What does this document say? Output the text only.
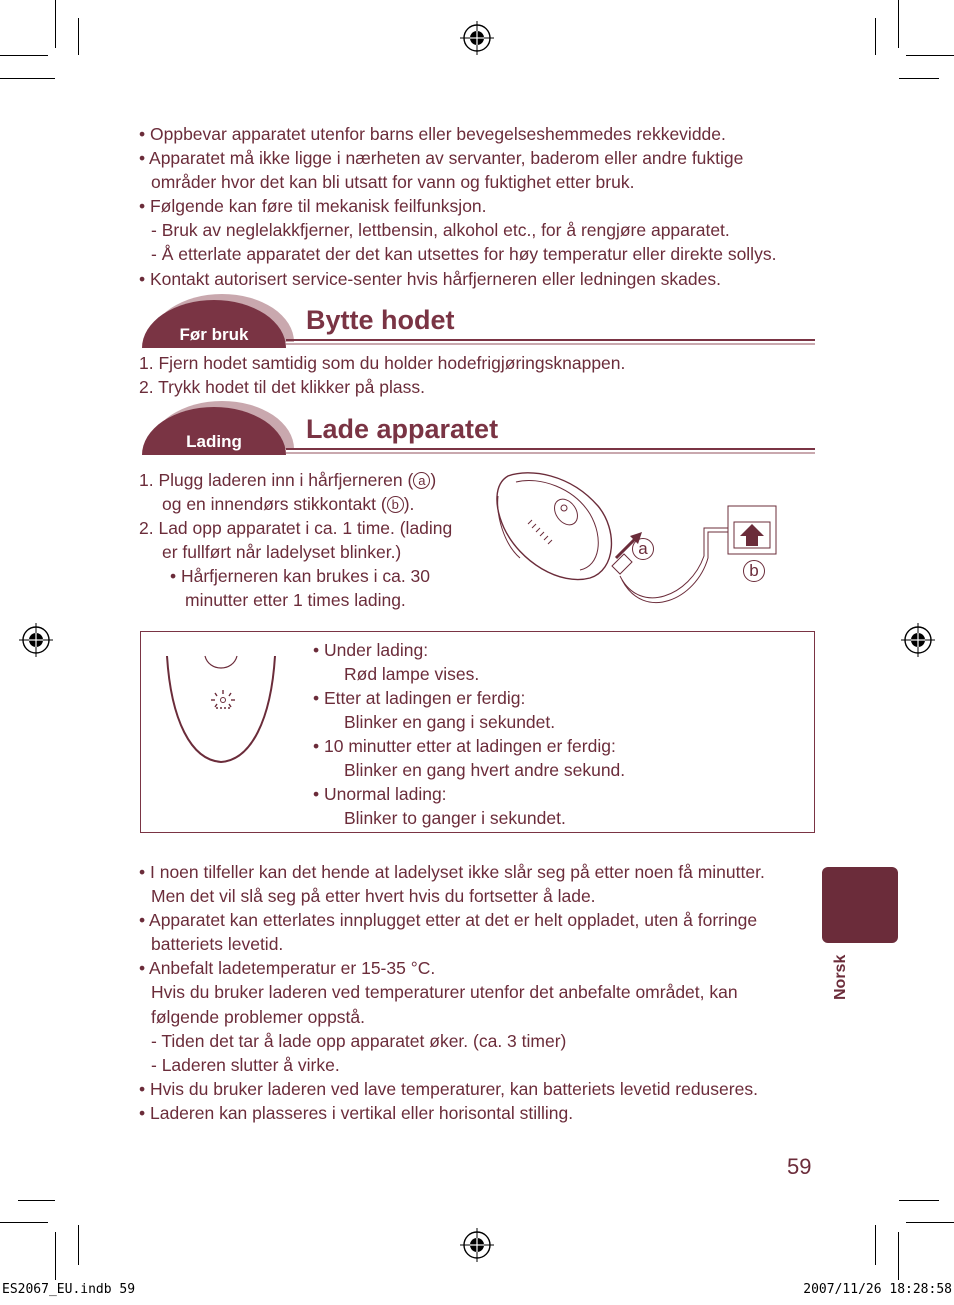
• Oppbevar apparatet utenfor barns eller bevegelseshemmedes rekkevidde.
• Apparatet må ikke ligge i nærheten av servanter, baderom eller andre fuktige
områder hvor det kan bli utsatt for vann og fuktighet etter bruk.
• Følgende kan føre til mekanisk feilfunksjon.
- Bruk av neglelakkfjerner, lettbensin, alkohol etc., for å rengjøre apparatet.
- Å etterlate apparatet der det kan utsettes for høy temperatur eller direkte sollys.
• Kontakt autorisert service-senter hvis hårfjerneren eller ledningen skades.
Før bruk	Bytte hodet
1. Fjern hodet samtidig som du holder hodefrigjøringsknappen.
2. Trykk hodet til det klikker på plass.
Lading	Lade apparatet
1. Plugg laderen inn i hårfjerneren ( a )
og en innendørs stikkontakt ( b ).
2. Lad opp apparatet i ca. 1 time. (lading
er fullført når ladelyset blinker.)
• Hårfjerneren kan brukes i ca. 30
minutter etter 1 times lading.
a
b
• Under lading:
Rød lampe vises.
• Etter at ladingen er ferdig:
Blinker en gang i sekundet.
• 10 minutter etter at ladingen er ferdig:
Blinker en gang hvert andre sekund.
• Unormal lading:
Blinker to ganger i sekundet.
• I noen tilfeller kan det hende at ladelyset ikke slår seg på etter noen få minutter.
Men det vil slå seg på etter hvert hvis du fortsetter å lade.
• Apparatet kan etterlates innplugget etter at det er helt oppladet, uten å forringe
batteriets levetid.
• Anbefalt ladetemperatur er 15-35 °C.
Hvis du bruker laderen ved temperaturer utenfor det anbefalte området, kan
følgende problemer oppstå.
- Tiden det tar å lade opp apparatet øker. (ca. 3 timer)
- Laderen slutter å virke.
• Hvis du bruker laderen ved lave temperaturer, kan batteriets levetid reduseres.
• Laderen kan plasseres i vertikal eller horisontal stilling.
Norsk
59
ES2067_EU.indb 59	2007/11/26 18:28:58
